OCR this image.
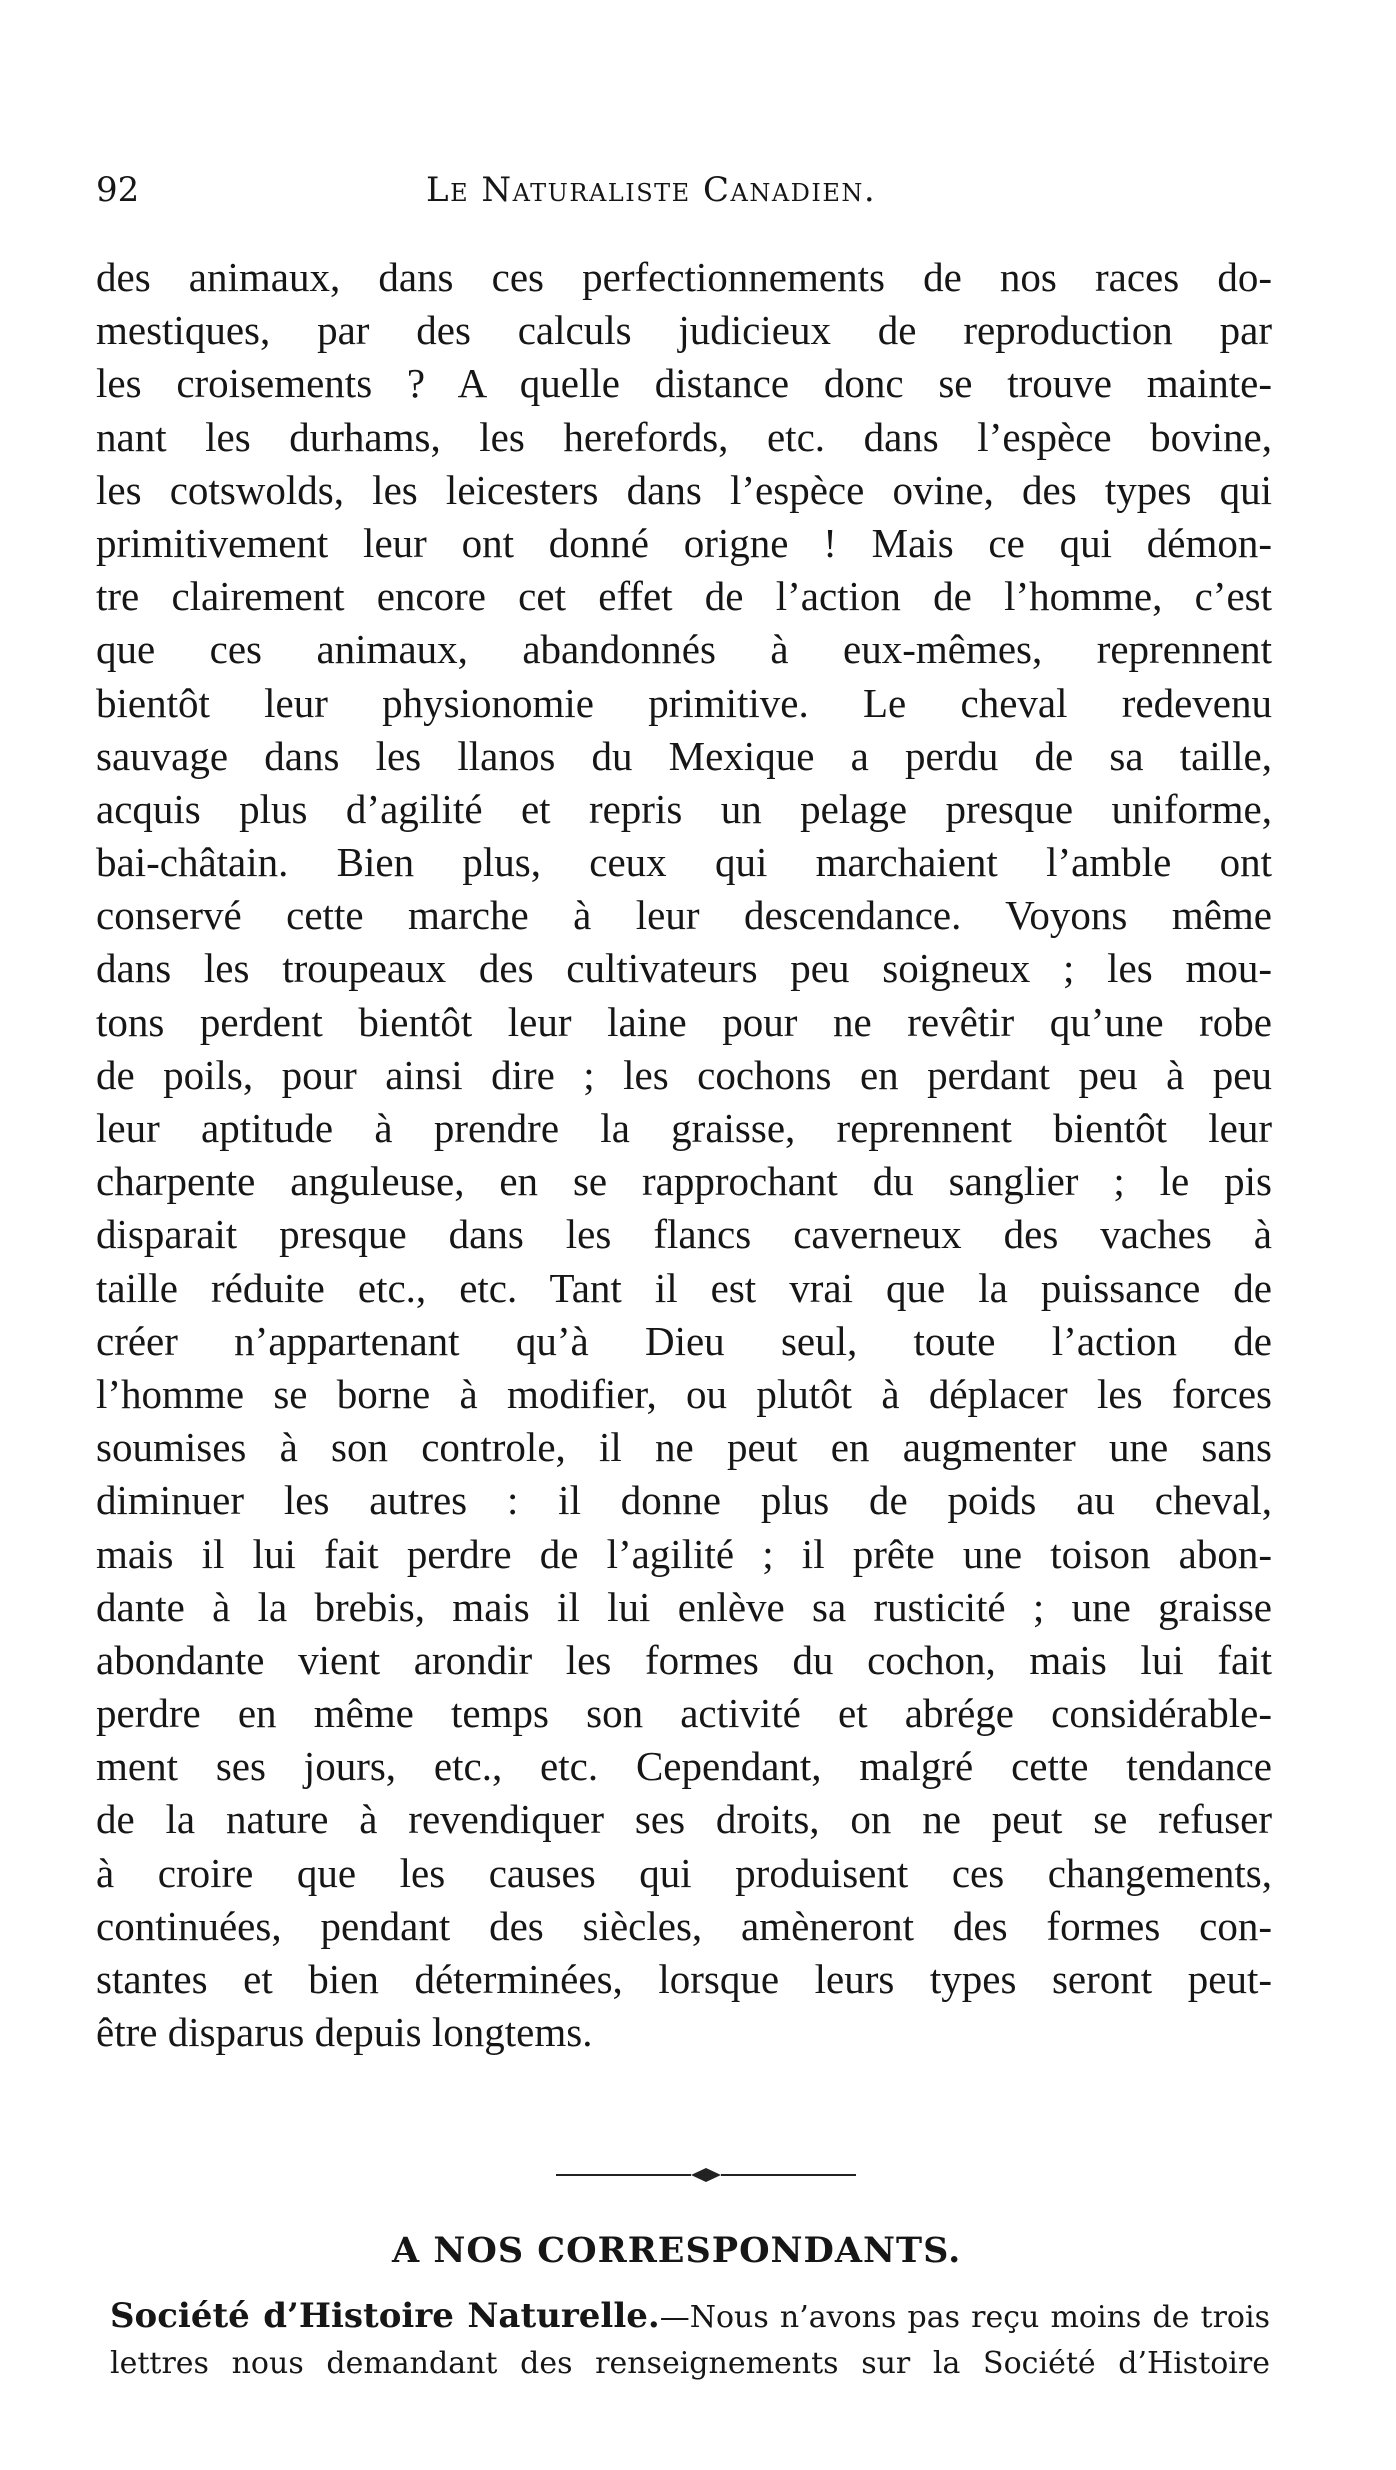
92	Le Naturaliste Canadien.
des animaux, dans ces perfectionnements de nos races do-
mestiques, par des calculs judicieux de reproduction par
les croisements ? A quelle distance donc se trouve mainte-
nant les durhams, les herefords, etc. dans l’espèce bovine,
les cotswolds, les leicesters dans l’espèce ovine, des types qui
primitivement leur ont donné origne ! Mais ce qui démon-
tre clairement encore cet effet de l’action de l’homme, c’est
que ces animaux, abandonnés à eux-mêmes, reprennent
bientôt leur physionomie primitive. Le cheval redevenu
sauvage dans les llanos du Mexique a perdu de sa taille,
acquis plus d’agilité et repris un pelage presque uniforme,
bai-châtain. Bien plus, ceux qui marchaient l’amble ont
conservé cette marche à leur descendance. Voyons même
dans les troupeaux des cultivateurs peu soigneux ; les mou-
tons perdent bientôt leur laine pour ne revêtir qu’une robe
de poils, pour ainsi dire ; les cochons en perdant peu à peu
leur aptitude à prendre la graisse, reprennent bientôt leur
charpente anguleuse, en se rapprochant du sanglier ; le pis
disparait presque dans les flancs caverneux des vaches à
taille réduite etc., etc. Tant il est vrai que la puissance de
créer n’appartenant qu’à Dieu seul, toute l’action de
l’homme se borne à modifier, ou plutôt à déplacer les forces
soumises à son controle, il ne peut en augmenter une sans
diminuer les autres : il donne plus de poids au cheval,
mais il lui fait perdre de l’agilité ; il prête une toison abon-
dante à la brebis, mais il lui enlève sa rusticité ; une graisse
abondante vient arondir les formes du cochon, mais lui fait
perdre en même temps son activité et abrége considérable-
ment ses jours, etc., etc. Cependant, malgré cette tendance
de la nature à revendiquer ses droits, on ne peut se refuser
à croire que les causes qui produisent ces changements,
continuées, pendant des siècles, amèneront des formes con-
stantes et bien déterminées, lorsque leurs types seront peut-
être disparus depuis longtems.
A NOS CORRESPONDANTS.
Société d’Histoire Naturelle.—Nous n’avons pas reçu moins de trois
lettres nous demandant des renseignements sur la Société d’Histoire
